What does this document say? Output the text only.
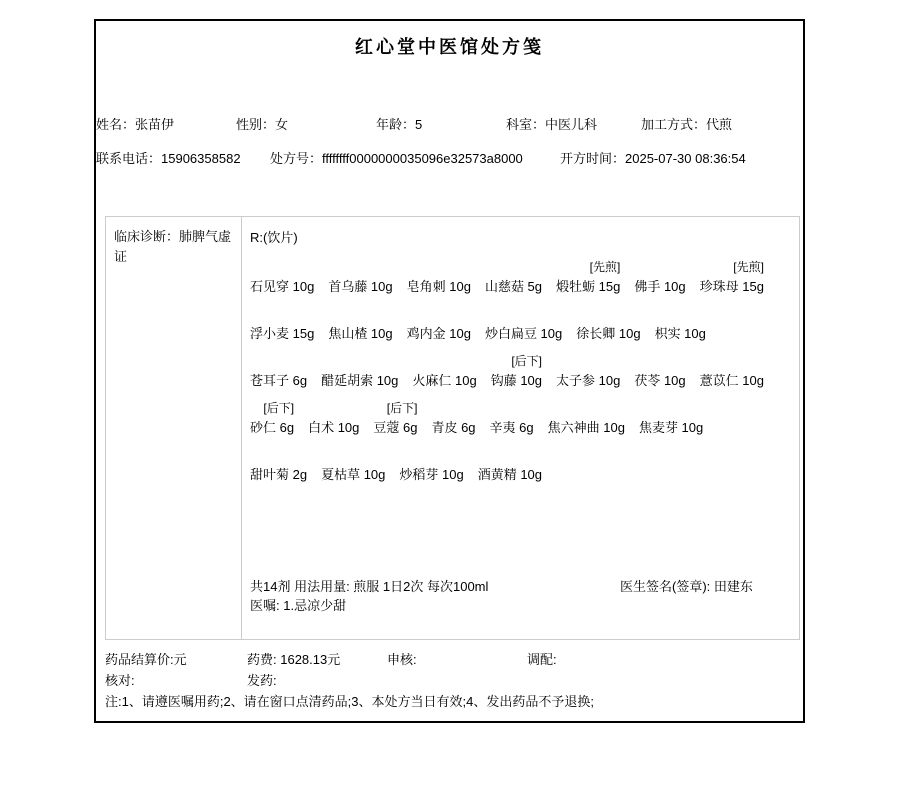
红心堂中医馆处方笺
姓名：张苗伊	性别：女	年龄：5	科室：中医儿科	加工方式：代煎
联系电话：15906358582 处方号：ffffffff0000000035096e32573a8000	开方时间：2025-07-30 08:36:54
临床诊断：肺脾气虚证
R:(饮片)

石见穿 10g
首乌藤 10g
皂角刺 10g
山慈菇 5g
[先煎]
煅牡蛎 15g
佛手 10g
[先煎]
珍珠母 15g

浮小麦 15g
焦山楂 10g
鸡内金 10g
炒白扁豆 10g
徐长卿 10g
枳实 10g

苍耳子 6g
醋延胡索 10g
火麻仁 10g
[后下]
钩藤 10g
太子参 10g
茯苓 10g
薏苡仁 10g
[后下]
砂仁 6g
白术 10g
[后下]
豆蔻 6g
青皮 6g
辛夷 6g
焦六神曲 10g
焦麦芽 10g

甜叶菊 2g
夏枯草 10g
炒稻芽 10g
酒黄精 10g
共14剂 用法用量: 煎服 1日2次 每次100ml	医生签名(签章): 田建东
医嘱: 1.忌凉少甜
药品结算价:元	药费: 1628.13元	申核:	调配:
核对:	发药:
注:1、请遵医嘱用药;2、请在窗口点清药品;3、本处方当日有效;4、发出药品不予退换;
